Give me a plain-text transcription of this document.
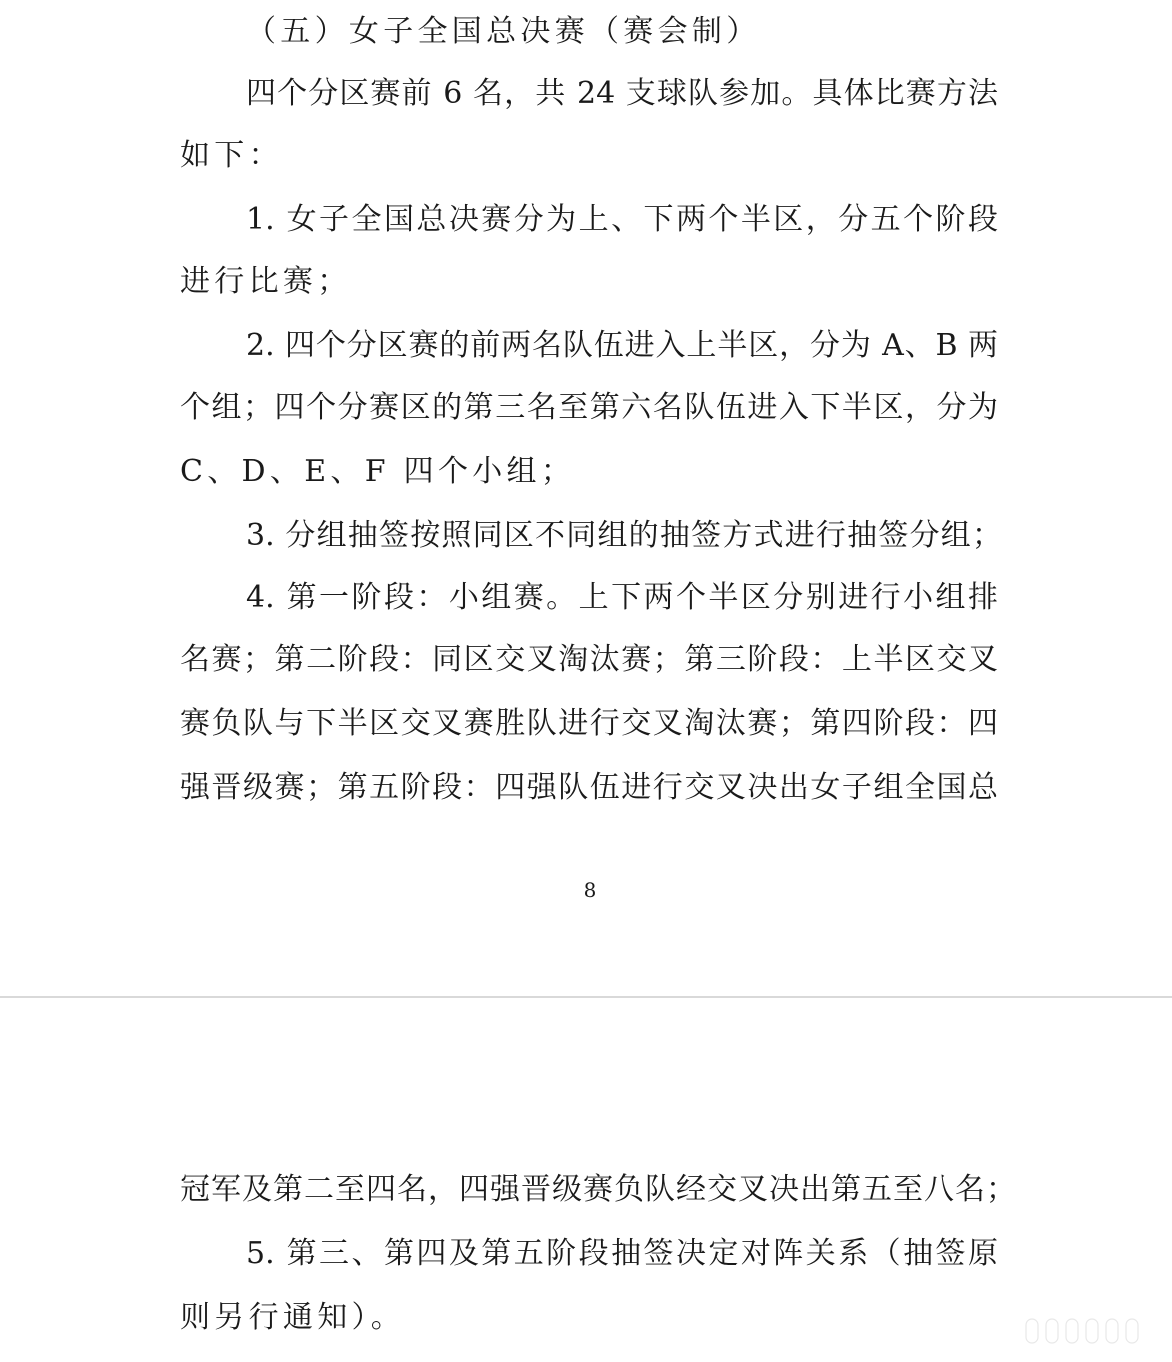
（五）女子全国总决赛（赛会制）
四个分区赛前 6 名，共 24 支球队参加。具体比赛方法
如下：
1. 女子全国总决赛分为上、下两个半区，分五个阶段
进行比赛；
2. 四个分区赛的前两名队伍进入上半区，分为 A、B 两
个组；四个分赛区的第三名至第六名队伍进入下半区，分为
C、D、E、F 四个小组；
3. 分组抽签按照同区不同组的抽签方式进行抽签分组；
4. 第一阶段：小组赛。上下两个半区分别进行小组排
名赛；第二阶段：同区交叉淘汰赛；第三阶段：上半区交叉
赛负队与下半区交叉赛胜队进行交叉淘汰赛；第四阶段：四
强晋级赛；第五阶段：四强队伍进行交叉决出女子组全国总
8
冠军及第二至四名，四强晋级赛负队经交叉决出第五至八名；
5. 第三、第四及第五阶段抽签决定对阵关系（抽签原
则另行通知）。
